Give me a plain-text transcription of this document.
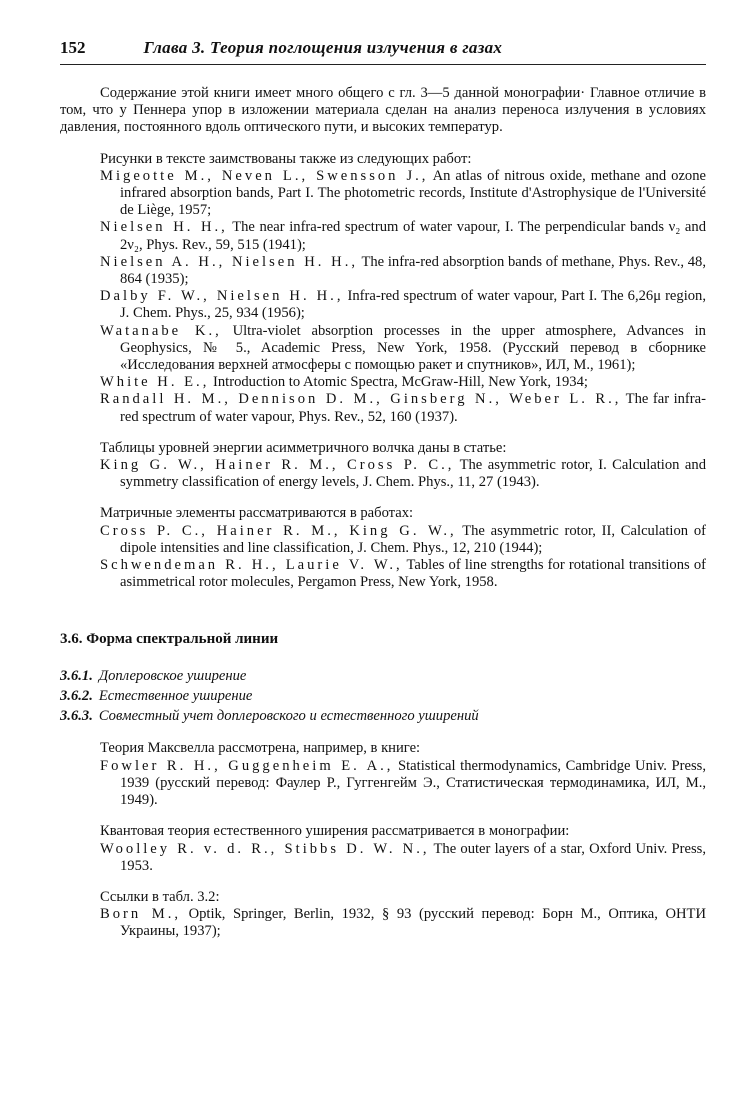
152	Глава 3. Теория поглощения излучения в газах

Содержание этой книги имеет много общего с гл. 3—5 данной монографии· Главное отличие в том, что у Пеннера упор в изложении материала сделан на анализ переноса излучения в условиях давления, постоянного вдоль оптического пути, и высоких температур.

Рисунки в тексте заимствованы также из следующих работ:

Migeotte M., Neven L., Swensson J., An atlas of nitrous oxide, methane and ozone infrared absorption bands, Part I. The photometric records, Institute d'Astrophysique de l'Université de Liège, 1957;

Nielsen H. H., The near infra-red spectrum of water vapour, I. The perpendicular bands ν₂ and 2ν₂, Phys. Rev., 59, 515 (1941);

Nielsen A. H., Nielsen H. H., The infra-red absorption bands of methane, Phys. Rev., 48, 864 (1935);

Dalby F. W., Nielsen H. H., Infra-red spectrum of water vapour, Part I. The 6,26μ region, J. Chem. Phys., 25, 934 (1956);

Watanabe K., Ultra-violet absorption processes in the upper atmosphere, Advances in Geophysics, № 5., Academic Press, New York, 1958. (Русский перевод в сборнике «Исследования верхней атмосферы с помощью ракет и спутников», ИЛ, М., 1961);

White H. E., Introduction to Atomic Spectra, McGraw-Hill, New York, 1934;

Randall H. M., Dennison D. M., Ginsberg N., Weber L. R., The far infra-red spectrum of water vapour, Phys. Rev., 52, 160 (1937).

Таблицы уровней энергии асимметричного волчка даны в статье:

King G. W., Hainer R. M., Cross P. C., The asymmetric rotor, I. Calculation and symmetry classification of energy levels, J. Chem. Phys., 11, 27 (1943).

Матричные элементы рассматриваются в работах:

Cross P. C., Hainer R. M., King G. W., The asymmetric rotor, II, Calculation of dipole intensities and line classification, J. Chem. Phys., 12, 210 (1944);

Schwendeman R. H., Laurie V. W., Tables of line strengths for rotational transitions of asimmetrical rotor molecules, Pergamon Press, New York, 1958.

3.6. Форма спектральной линии

3.6.1. Доплеровское уширение

3.6.2. Естественное уширение

3.6.3. Совместный учет доплеровского и естественного уширений

Теория Максвелла рассмотрена, например, в книге:

Fowler R. H., Guggenheim E. A., Statistical thermodynamics, Cambridge Univ. Press, 1939 (русский перевод: Фаулер Р., Гуггенгейм Э., Статистическая термодинамика, ИЛ, М., 1949).

Квантовая теория естественного уширения рассматривается в монографии:

Woolley R. v. d. R., Stibbs D. W. N., The outer layers of a star, Oxford Univ. Press, 1953.

Ссылки в табл. 3.2:

Born M., Optik, Springer, Berlin, 1932, § 93 (русский перевод: Борн М., Оптика, ОНТИ Украины, 1937);
